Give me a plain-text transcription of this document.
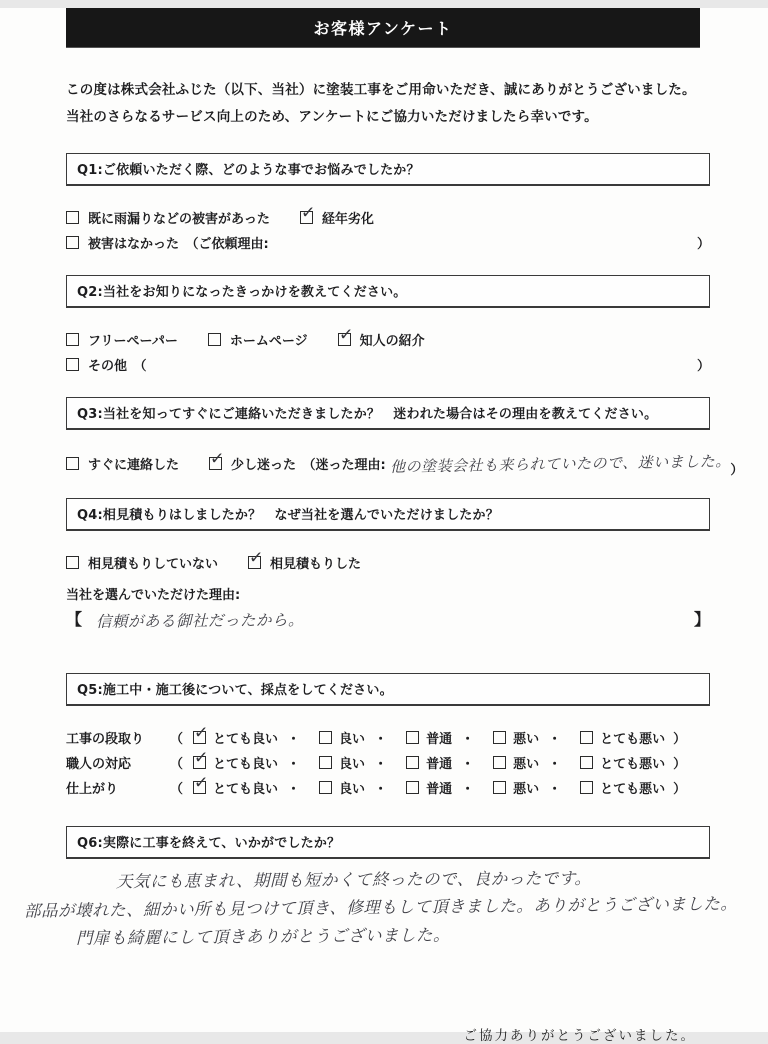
お客様アンケート
この度は株式会社ふじた（以下、当社）に塗装工事をご用命いただき、誠にありがとうございました。
当社のさらなるサービス向上のため、アンケートにご協力いただけましたら幸いです。
Q1:ご依頼いただく際、どのような事でお悩みでしたか？
既に雨漏りなどの被害があった ✓	経年劣化
被害はなかった　（ご依頼理由:	）
Q2:当社をお知りになったきっかけを教えてください。
フリーペーパー	ホームページ ✓	知人の紹介
その他　（	）
Q3:当社を知ってすぐにご連絡いただきましたか？　迷われた場合はその理由を教えてください。
すぐに連絡した ✓	少し迷った　（迷った理由: 他の塗装会社も来られていたので、迷いました。 ）
Q4:相見積もりはしましたか？　なぜ当社を選んでいただけましたか？
相見積もりしていない ✓	相見積もりした
当社を選んでいただけた理由:
【 信頼がある御社だったから。	】
Q5:施工中・施工後について、採点をしてください。
工事の段取り	（ ✓ とても良い ・	良い ・	普通 ・	悪い ・	とても悪い ）
職人の対応	（ ✓ とても良い ・	良い ・	普通 ・	悪い ・	とても悪い ）
仕上がり	（ ✓ とても良い ・	良い ・	普通 ・	悪い ・	とても悪い ）
Q6:実際に工事を終えて、いかがでしたか？
天気にも恵まれ、期間も短かくて終ったので、良かったです。
部品が壊れた、細かい所も見つけて頂き、修理もして頂きました。ありがとうございました。
門扉も綺麗にして頂きありがとうございました。
ご協力ありがとうございました。
